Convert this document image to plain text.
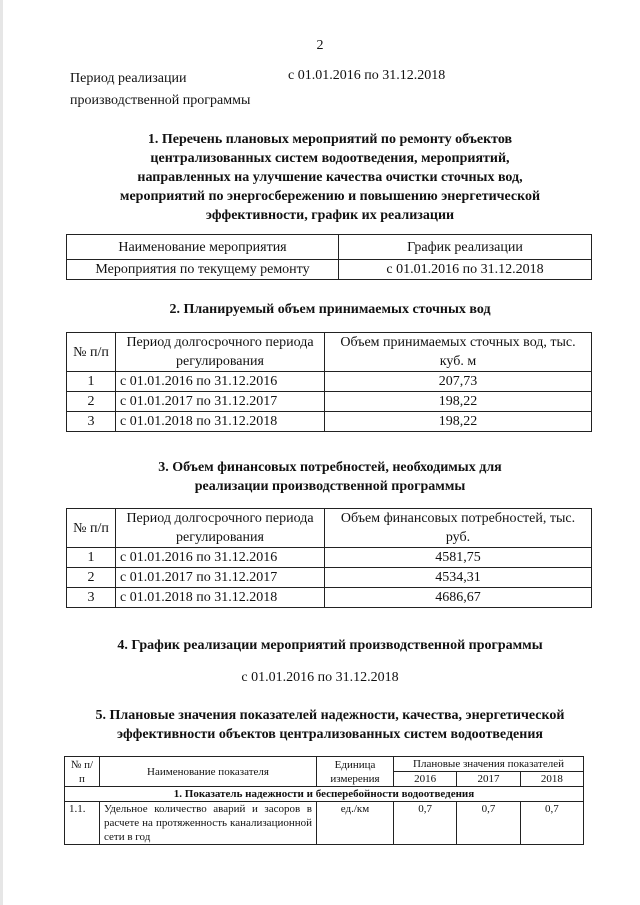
2
Период реализации
производственной программы
с 01.01.2016 по 31.12.2018
1. Перечень плановых мероприятий по ремонту объектов
централизованных систем водоотведения, мероприятий,
направленных на улучшение качества очистки сточных вод,
мероприятий по энергосбережению и повышению энергетической
эффективности, график их реализации
Наименование мероприятия	График реализации
Мероприятия по текущему ремонту	с 01.01.2016 по 31.12.2018
2. Планируемый объем принимаемых сточных вод
№ п/п	Период долгосрочного периода регулирования	Объем принимаемых сточных вод, тыс. куб. м
1	с 01.01.2016 по 31.12.2016	207,73
2	с 01.01.2017 по 31.12.2017	198,22
3	с 01.01.2018 по 31.12.2018	198,22
3. Объем финансовых потребностей, необходимых для
реализации производственной программы
№ п/п	Период долгосрочного периода регулирования	Объем финансовых потребностей, тыс. руб.
1	с 01.01.2016 по 31.12.2016	4581,75
2	с 01.01.2017 по 31.12.2017	4534,31
3	с 01.01.2018 по 31.12.2018	4686,67
4. График реализации мероприятий производственной программы
с 01.01.2016 по 31.12.2018
5. Плановые значения показателей надежности, качества, энергетической
эффективности объектов централизованных систем водоотведения
№ п/п	Наименование показателя	Единица измерения	Плановые значения показателей		
			2016	2017	2018
1. Показатель надежности и бесперебойности водоотведения					
1.1.	Удельное количество аварий и засоров в расчете на протяженность канализационной сети в год	ед./км	0,7	0,7	0,7
